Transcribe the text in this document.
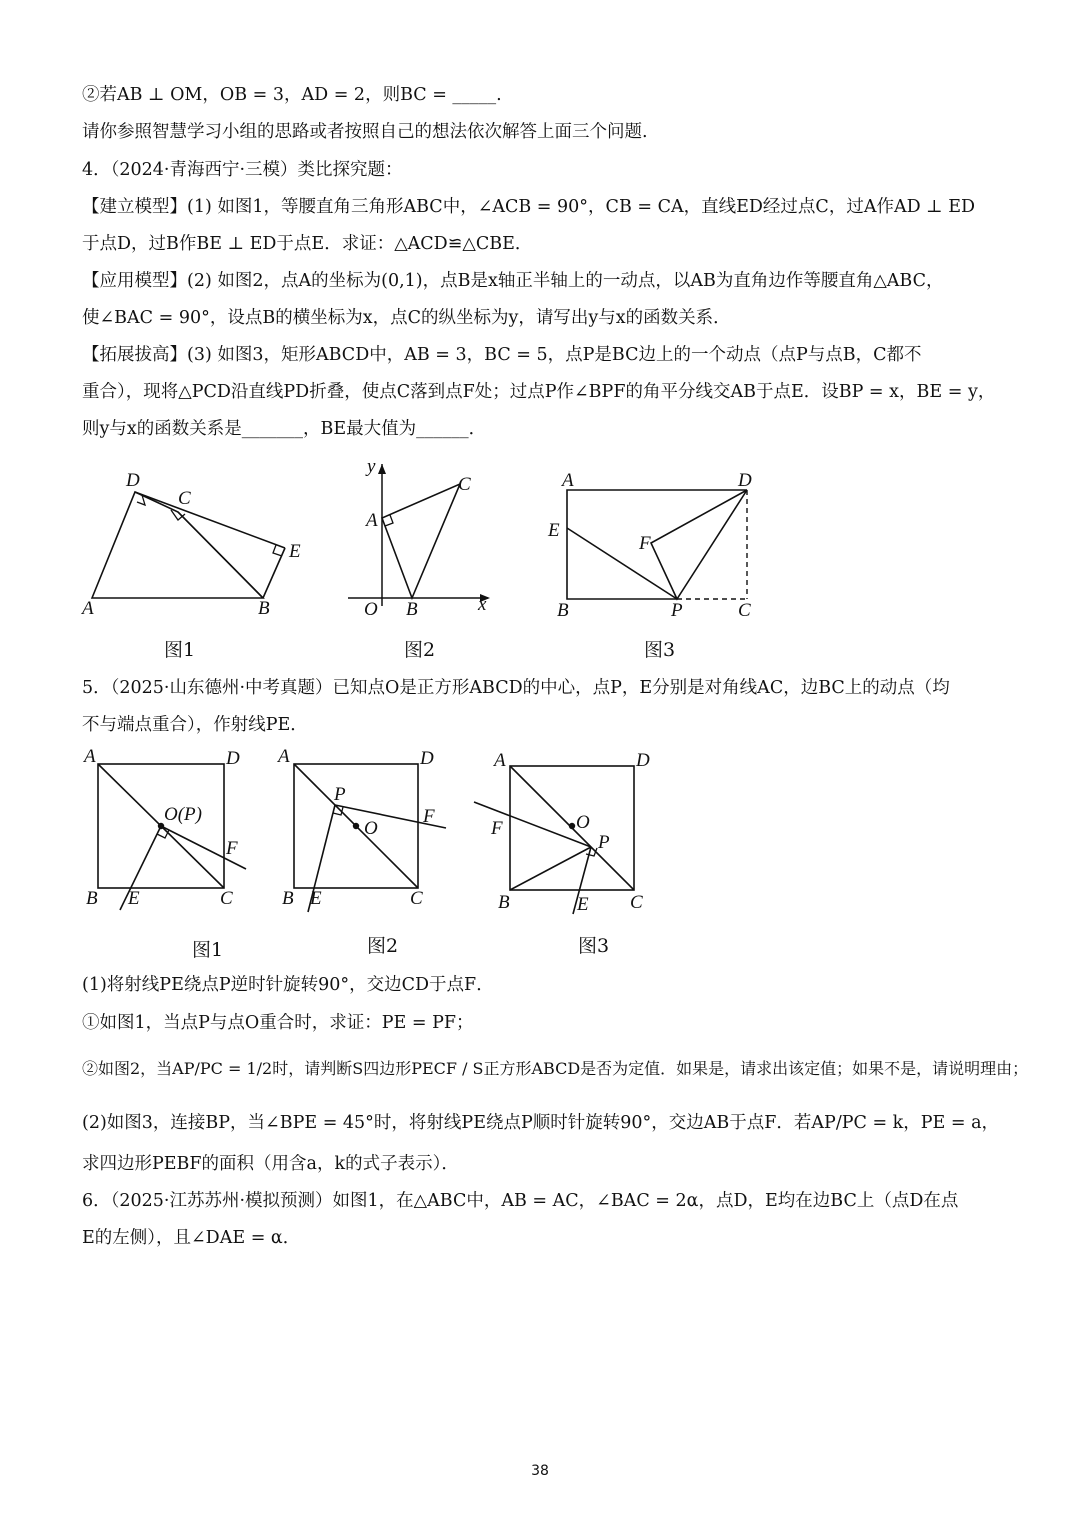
②若AB ⊥ OM，OB = 3，AD = 2，则BC = _____.
请你参照智慧学习小组的思路或者按照自己的想法依次解答上面三个问题.
4．（2024·青海西宁·三模）类比探究题：
【建立模型】(1) 如图1，等腰直角三角形ABC中，∠ACB = 90°，CB = CA，直线ED经过点C，过A作AD ⊥ ED
于点D，过B作BE ⊥ ED于点E．求证：△ACD≌△CBE．
【应用模型】(2) 如图2，点A的坐标为(0,1)，点B是x轴正半轴上的一动点，以AB为直角边作等腰直角△ABC，
使∠BAC = 90°，设点B的横坐标为x，点C的纵坐标为y，请写出y与x的函数关系．
【拓展拔高】(3) 如图3，矩形ABCD中，AB = 3，BC = 5，点P是BC边上的一个动点（点P与点B，C都不
重合），现将△PCD沿直线PD折叠，使点C落到点F处；过点P作∠BPF的角平分线交AB于点E．设BP = x，BE = y，
则y与x的函数关系是_______，BE最大值为______．
D
C
E
A	B
y
C
A
O B	x
A	D
E
F
B	P	C
图1	图2	图3
5．（2025·山东德州·中考真题）已知点O是正方形ABCD的中心，点P，E分别是对角线AC，边BC上的动点（均
不与端点重合），作射线PE．
A	D
O(P)
F
B E	C
A	D
P
O
F
B E	C
A	D
F	O
P
B	E C
图1	图2	图3
(1)将射线PE绕点P逆时针旋转90°，交边CD于点F．
①如图1，当点P与点O重合时，求证：PE = PF；
②如图2，当AP/PC = 1/2时，请判断S四边形PECF / S正方形ABCD是否为定值．如果是，请求出该定值；如果不是，请说明理由；
(2)如图3，连接BP，当∠BPE = 45°时，将射线PE绕点P顺时针旋转90°，交边AB于点F．若AP/PC = k，PE = a，
求四边形PEBF的面积（用含a，k的式子表示）．
6．（2025·江苏苏州·模拟预测）如图1，在△ABC中，AB = AC，∠BAC = 2α，点D，E均在边BC上（点D在点
E的左侧），且∠DAE = α．
38
